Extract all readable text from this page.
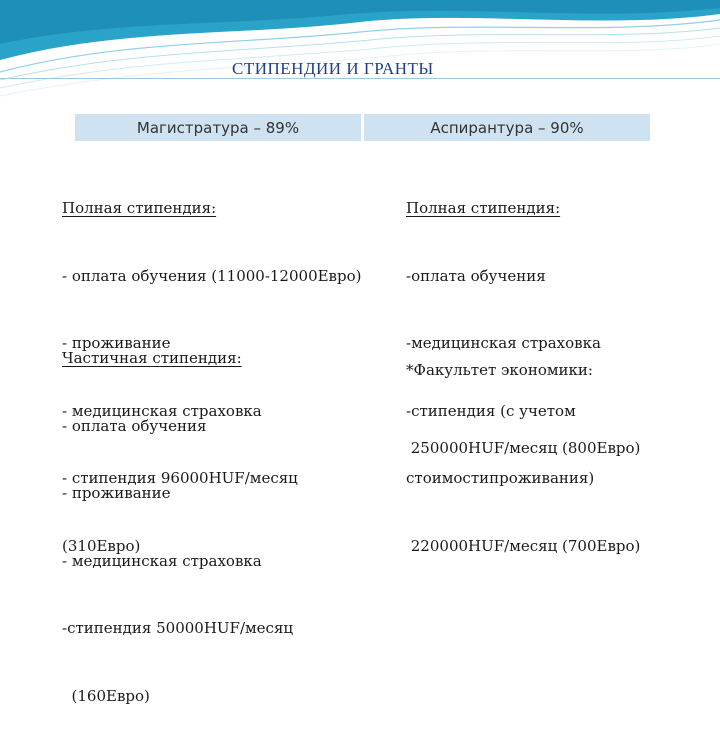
СТИПЕНДИИ И ГРАНТЫ
Магистратура – 89%	Аспирантура – 90%

Полная стипендия:

- оплата обучения (11000-12000Евро)

- проживание

- медицинская страховка

- стипендия 96000HUF/месяц

(310Евро)

Частичная стипендия:

- оплата обучения

- проживание

- медицинская страховка

-стипендия 50000HUF/месяц

(160Евро)

Полная стипендия:

-оплата обучения

-медицинская страховка

-стипендия (с учетом

стоимостипроживания)

220000HUF/месяц (700Евро)

*Факультет экономики:

250000HUF/месяц (800Евро)
